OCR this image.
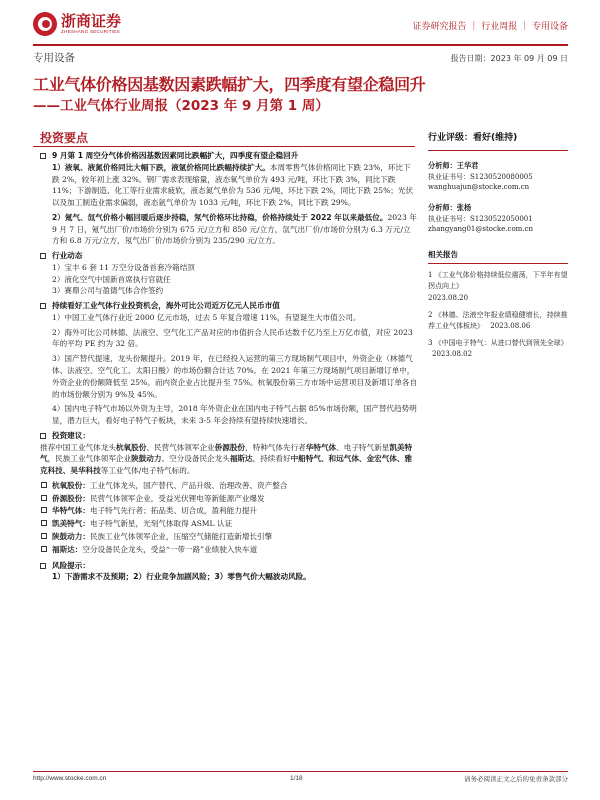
浙商证券
ZHESHANG SECURITIES	证券研究报告 ｜ 行业周报 ｜ 专用设备
专用设备	报告日期：2023 年 09 月 09 日
工业气体价格因基数因素跌幅扩大，四季度有望企稳回升
——工业气体行业周报（2023 年 9 月第 1 周）
投资要点
9 月第 1 周空分气体价格因基数因素同比跌幅扩大，四季度有望企稳回升
1）液氧、液氮价格同比大幅下跌，液氩价格同比跌幅持续扩大。本周零售气体价格同比下跌 23%，环比下跌 2%，较年初上涨 32%。钢厂需求表现缩量，液态氧气单价为 493 元/吨，环比下跌 3%，同比下跌 11%；下游制造、化工等行业需求疲软，液态氮气单价为 536 元/吨，环比下跌 2%，同比下跌 25%；光伏以及加工制造业需求偏弱，液态氩气单价为 1033 元/吨，环比下跌 2%，同比下跌 29%。
2）氪气、氙气价格小幅回暖后逐步持稳，氖气价格环比持稳，价格持续处于 2022 年以来最低位。2023 年 9 月 7 日，氪气出厂价/市场价分别为 675 元/立方和 850 元/立方，氙气出厂价/市场价分别为 6.3 万元/立方和 6.8 万元/立方，氖气出厂价/市场价分别为 235/290 元/立方。
行业动态
1）宝丰 6 套 11 万空分设备首套冷箱结顶
2）液化空气中国新首席执行官就任
3）赛鼎公司与盈德气体合作签约
持续看好工业气体行业投资机会，海外可比公司近万亿元人民币市值
1）中国工业气体行业近 2000 亿元市场，过去 5 年复合增速 11%，有望诞生大市值公司。
2）海外可比公司林德、法液空、空气化工产品对应的市值折合人民币达数千亿乃至上万亿市值，对应 2023 年的平均 PE 约为 32 倍。
3）国产替代提速，龙头份额提升。2019 年，在已经投入运营的第三方现场制气项目中，外资企业（林德气体、法液空、空气化工、太阳日酸）的市场份额合计达 70%。在 2021 年第三方现场制气项目新增订单中，外资企业的份额降低至 25%。而内资企业占比提升至 75%。杭氧股份第三方市场中运营项目及新增订单各自的市场份额分别为 9%及 45%。
4）国内电子特气市场以外资为主导，2018 年外资企业在国内电子特气占据 85%市场份额，国产替代趋势明显，潜力巨大，看好电子特气子板块，未来 3-5 年会持续有望持续快速增长。
投资建议：
推荐中国工业气体龙头杭氧股份、民营气体领军企业侨源股份，特种气体先行者华特气体、电子特气新星凯美特气，民族工业气体领军企业陕鼓动力、空分设备民企龙头福斯达，持续看好中船特气、和远气体、金宏气体、雅克科技、昊华科技等工业气体/电子特气标的。
杭氧股份：工业气体龙头，国产替代、产品升级、治理改善、资产整合
侨源股份：民营气体领军企业，受益光伏锂电等新能源产业爆发
华特气体：电子特气先行者；拓品类、切合成，盈利能力提升
凯美特气：电子特气新星，光刻气体取得 ASML 认证
陕鼓动力：民族工业气体领军企业，压缩空气储能打造新增长引擎
福斯达：空分设备民企龙头，受益“一带一路”业绩驶入快车道
风险提示：
1）下游需求不及预期；2）行业竞争加剧风险；3）零售气价大幅波动风险。
行业评级：看好(维持)
分析师：王华君
执业证书号：S1230520080005
wanghuajun@stocke.com.cn
分析师：张杨
执业证书号：S1230522050001
zhangyang01@stocke.com.cn
相关报告
1 《工业气体价格持续低位震荡，下半年有望拐点向上》
2023.08.20
2 《林德、法液空年报业绩稳健增长，持续推荐工业气体板块》 2023.08.06
3 《中国电子特气：从进口替代到领先全球》 2023.08.02
http://www.stocke.com.cn	1/18	请务必阅读正文之后的免责条款部分
